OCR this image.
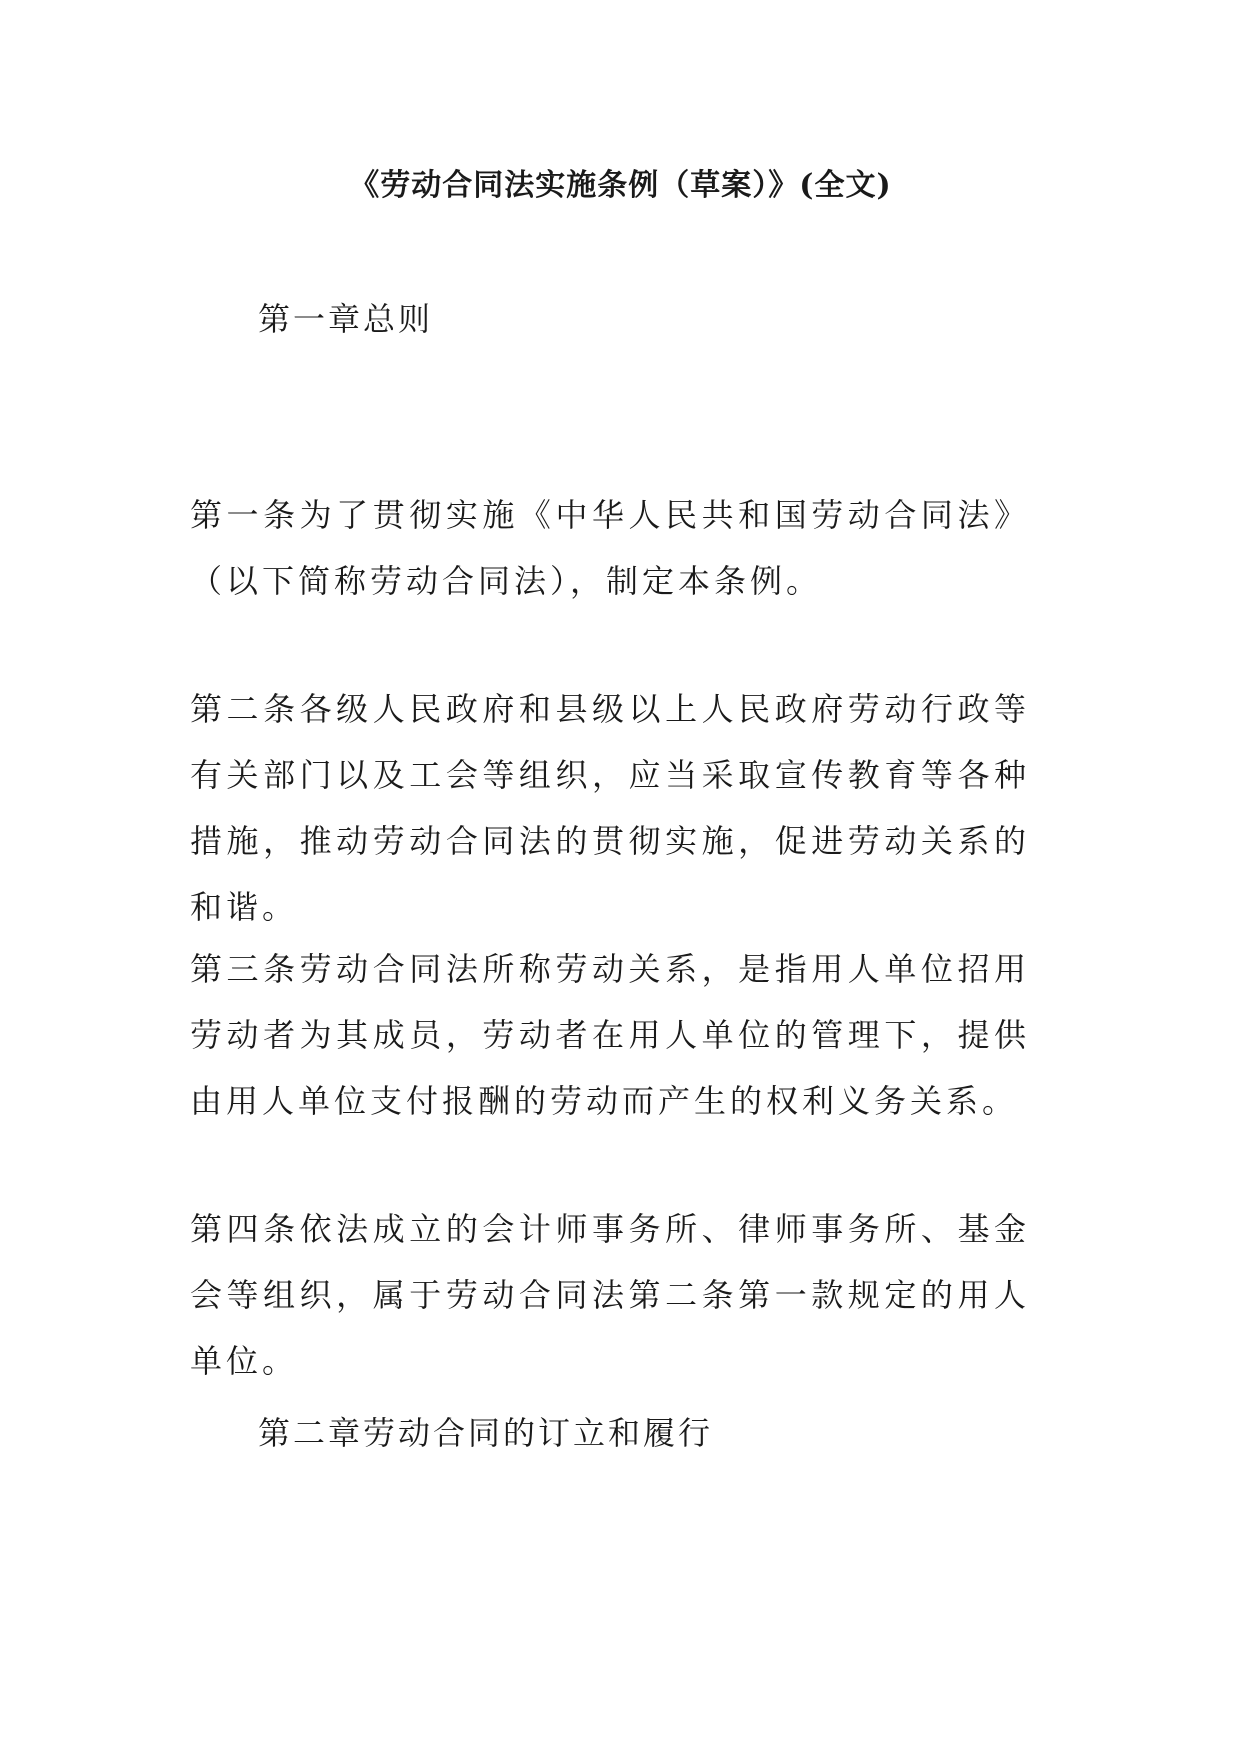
《劳动合同法实施条例（草案）》(全文)
第一章总则

第一条为了贯彻实施《中华人民共和国劳动合同法》（以下简称劳动合同法），制定本条例。

第二条各级人民政府和县级以上人民政府劳动行政等有关部门以及工会等组织，应当采取宣传教育等各种措施，推动劳动合同法的贯彻实施，促进劳动关系的和谐。

第三条劳动合同法所称劳动关系，是指用人单位招用劳动者为其成员，劳动者在用人单位的管理下，提供由用人单位支付报酬的劳动而产生的权利义务关系。

第四条依法成立的会计师事务所、律师事务所、基金会等组织，属于劳动合同法第二条第一款规定的用人单位。

第二章劳动合同的订立和履行
